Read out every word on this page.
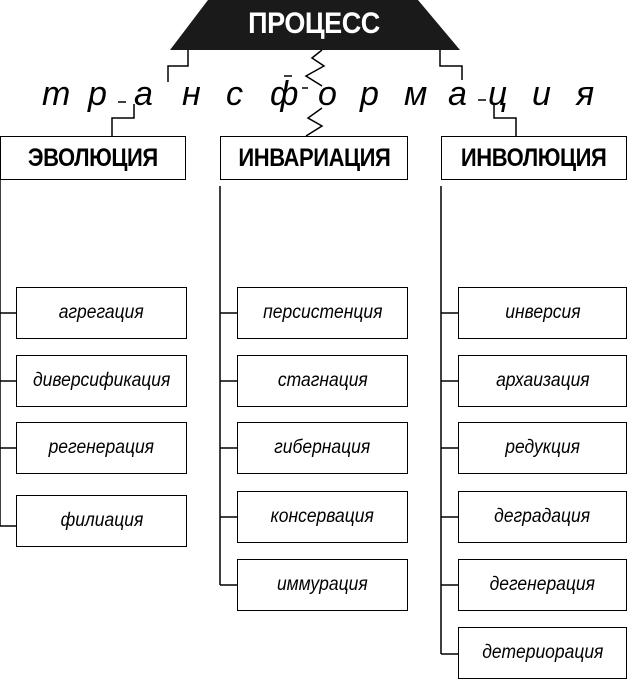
ПРОЦЕСС
т р а н с ф о р м а ц и я
ЭВОЛЮЦИЯ	ИНВАРИАЦИЯ	ИНВОЛЮЦИЯ
агрегация
диверсификация
регенерация
филиация
персистенция
стагнация
гибернация
консервация
иммурация
инверсия
архаизация
редукция
деградация
дегенерация
детериорация
